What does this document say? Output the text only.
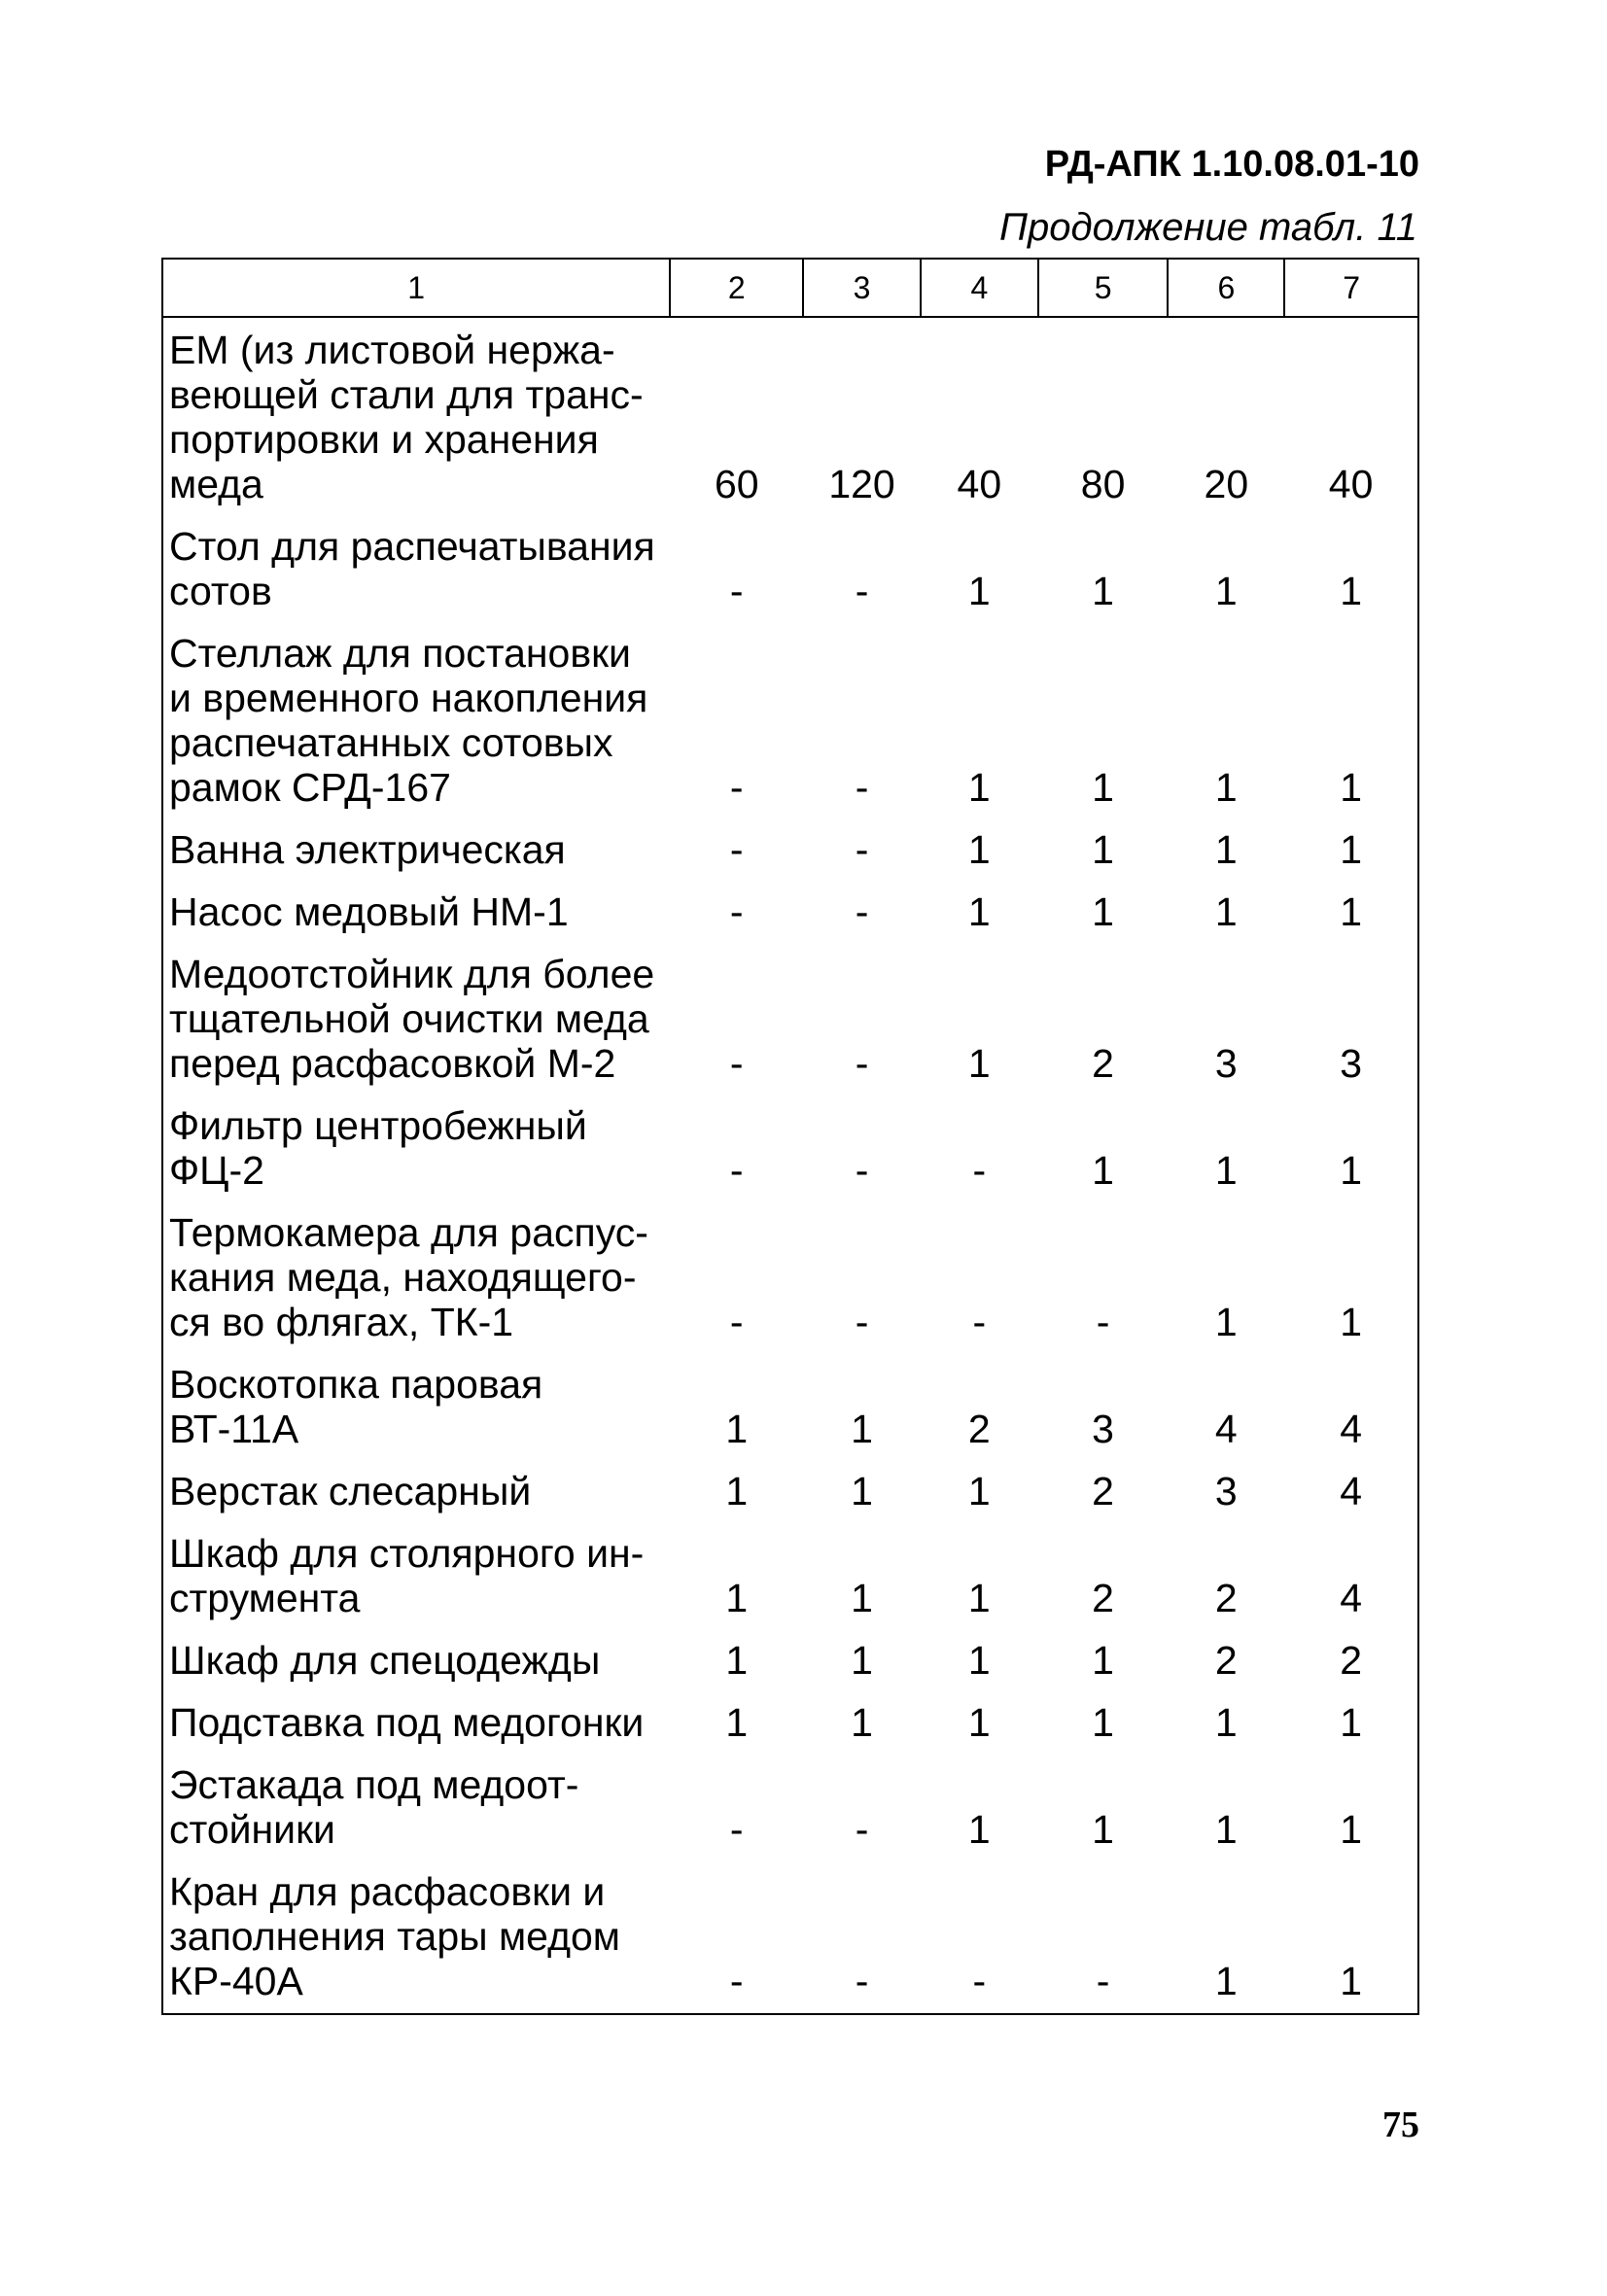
РД-АПК 1.10.08.01-10
Продолжение табл. 11
1	2	3	4	5	6	7
ЕМ (из листовой нержа-
веющей стали для транс-
портировки и хранения
меда	60	120	40	80	20	40
Стол для распечатывания
сотов	-	-	1	1	1	1
Стеллаж для постановки
и временного накопления
распечатанных сотовых
рамок СРД-167	-	-	1	1	1	1
Ванна электрическая	-	-	1	1	1	1
Насос медовый НМ-1	-	-	1	1	1	1
Медоотстойник для более
тщательной очистки меда
перед расфасовкой М-2	-	-	1	2	3	3
Фильтр центробежный
ФЦ-2	-	-	-	1	1	1
Термокамера для распус-
кания меда, находящего-
ся во флягах, ТК-1	-	-	-	-	1	1
Воскотопка паровая
ВТ-11А	1	1	2	3	4	4
Верстак слесарный	1	1	1	2	3	4
Шкаф для столярного ин-
струмента	1	1	1	2	2	4
Шкаф для спецодежды	1	1	1	1	2	2
Подставка под медогонки	1	1	1	1	1	1
Эстакада под медоот-
стойники	-	-	1	1	1	1
Кран для расфасовки и
заполнения тары медом
КР-40А	-	-	-	-	1	1
75
